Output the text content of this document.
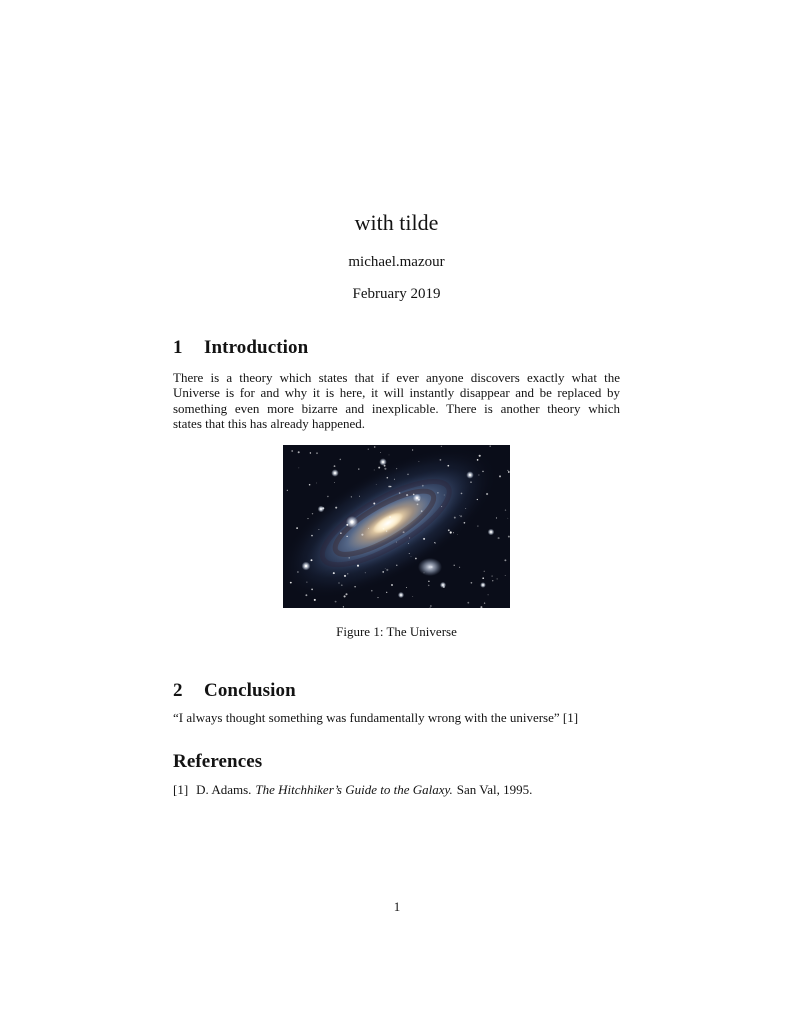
with tilde
michael.mazour
February 2019
1 Introduction
There is a theory which states that if ever anyone discovers exactly what the
Universe is for and why it is here, it will instantly disappear and be replaced by
something even more bizarre and inexplicable. There is another theory which
states that this has already happened.
Figure 1: The Universe
2 Conclusion
“I always thought something was fundamentally wrong with the universe” [1]
References
[1] D. Adams. The Hitchhiker’s Guide to the Galaxy. San Val, 1995.
1
